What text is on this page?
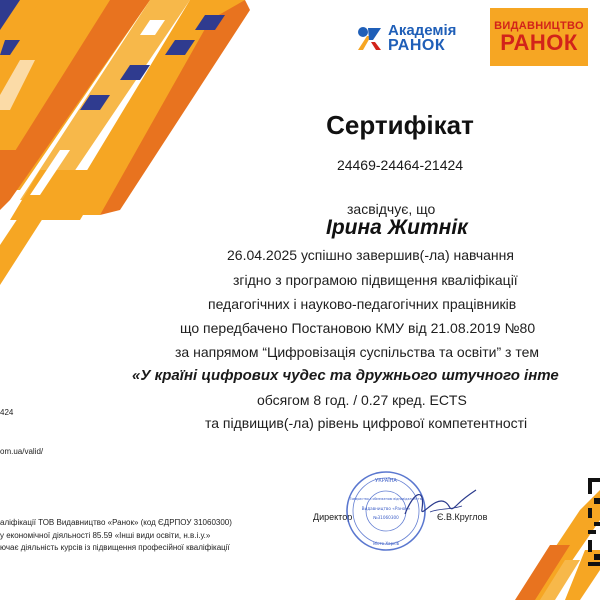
Академія
РАНОК
ВИДАВНИЦТВО
РАНОК
Сертифікат
24469-24464-21424
засвідчує, що
Ірина Житнік
26.04.2025 успішно завершив(-ла) навчання
згідно з програмою підвищення кваліфікації
педагогічних і науково-педагогічних працівників
що передбачено Постановою КМУ від 21.08.2019 №80
за напрямом “Цифровізація суспільства та освіти” з тем
«У країні цифрових чудес та дружнього штучного інте
обсягом 8 год. / 0.27 кред. ECTS
та підвищив(-ла) рівень цифрової компетентності
424
om.ua/valid/
аліфікації ТОВ Видавництво «Ранок» (код ЄДРПОУ 31060300)
у економічної діяльності 85.59 «Інші види освіти, н.в.і.у.»
ючає діяльність курсів із підвищення професійної кваліфікації
Директор	Є.В.Круглов
УКРАЇНА
Товариство з обмеженою відповідальністю
Видавництво «Ранок»
№31060300
місто Харків
